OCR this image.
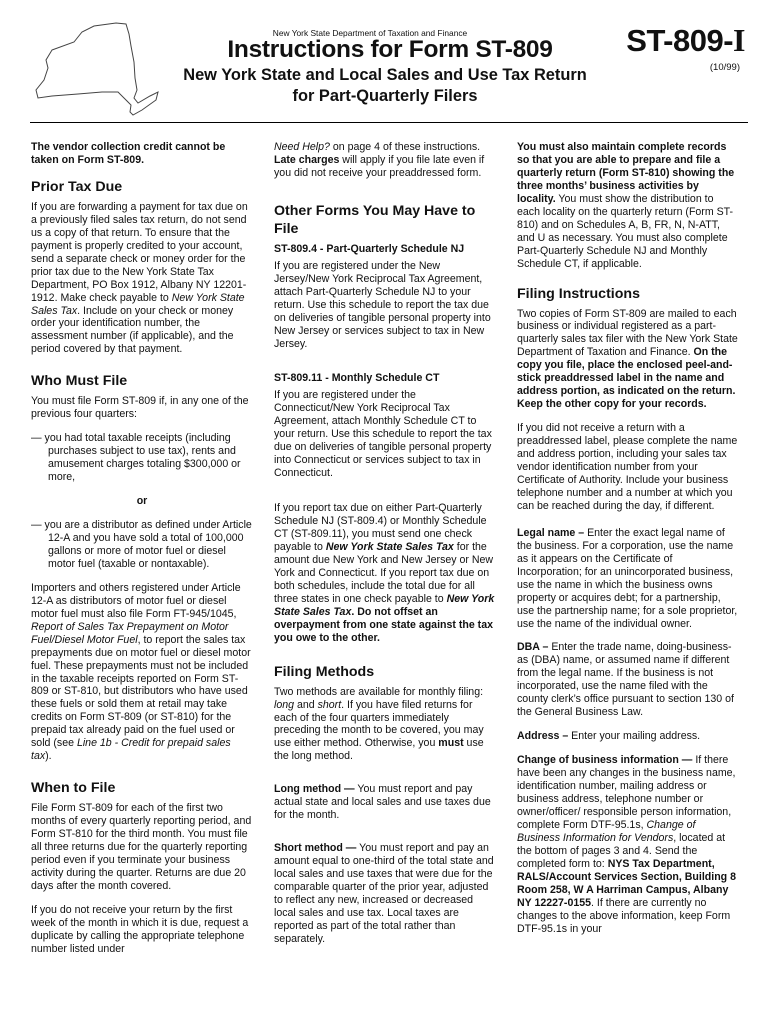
New York State Department of Taxation and Finance
Instructions for Form ST-809
New York State and Local Sales and Use Tax Return
for Part-Quarterly Filers
ST-809-I
(10/99)

The vendor collection credit cannot be taken on Form ST-809.

Prior Tax Due

If you are forwarding a payment for tax due on a previously filed sales tax return, do not send us a copy of that return. To ensure that the payment is properly credited to your account, send a separate check or money order for the prior tax due to the New York State Tax Department, PO Box 1912, Albany NY 12201-1912. Make check payable to New York State Sales Tax. Include on your check or money order your identification number, the assessment number (if applicable), and the period covered by that payment.

Who Must File

You must file Form ST-809 if, in any one of the previous four quarters:

— you had total taxable receipts (including purchases subject to use tax), rents and amusement charges totaling $300,000 or more,

or

— you are a distributor as defined under Article 12-A and you have sold a total of 100,000 gallons or more of motor fuel or diesel motor fuel (taxable or nontaxable).

Importers and others registered under Article 12-A as distributors of motor fuel or diesel motor fuel must also file Form FT-945/1045, Report of Sales Tax Prepayment on Motor Fuel/Diesel Motor Fuel, to report the sales tax prepayments due on motor fuel or diesel motor fuel. These prepayments must not be included in the taxable receipts reported on Form ST-809 or ST-810, but distributors who have used these fuels or sold them at retail may take credits on Form ST-809 (or ST-810) for the prepaid tax already paid on the fuel used or sold (see Line 1b - Credit for prepaid sales tax).

When to File

File Form ST-809 for each of the first two months of every quarterly reporting period, and Form ST-810 for the third month. You must file all three returns due for the quarterly reporting period even if you terminate your business activity during the quarter. Returns are due 20 days after the month covered.

If you do not receive your return by the first week of the month in which it is due, request a duplicate by calling the appropriate telephone number listed under

Need Help? on page 4 of these instructions. Late charges will apply if you file late even if you did not receive your preaddressed form.

Other Forms You May Have to File
ST-809.4 - Part-Quarterly Schedule NJ

If you are registered under the New Jersey/New York Reciprocal Tax Agreement, attach Part-Quarterly Schedule NJ to your return. Use this schedule to report the tax due on deliveries of tangible personal property into New Jersey or services subject to tax in New Jersey.

ST-809.11 - Monthly Schedule CT

If you are registered under the Connecticut/New York Reciprocal Tax Agreement, attach Monthly Schedule CT to your return. Use this schedule to report the tax due on deliveries of tangible personal property into Connecticut or services subject to tax in Connecticut.

If you report tax due on either Part-Quarterly Schedule NJ (ST-809.4) or Monthly Schedule CT (ST-809.11), you must send one check payable to New York State Sales Tax for the amount due New York and New Jersey or New York and Connecticut. If you report tax due on both schedules, include the total due for all three states in one check payable to New York State Sales Tax. Do not offset an overpayment from one state against the tax you owe to the other.

Filing Methods

Two methods are available for monthly filing: long and short. If you have filed returns for each of the four quarters immediately preceding the month to be covered, you may use either method. Otherwise, you must use the long method.

Long method — You must report and pay actual state and local sales and use taxes due for the month.

Short method — You must report and pay an amount equal to one-third of the total state and local sales and use taxes that were due for the comparable quarter of the prior year, adjusted to reflect any new, increased or decreased local sales and use tax. Local taxes are reported as part of the total rather than separately.

You must also maintain complete records so that you are able to prepare and file a quarterly return (Form ST-810) showing the three months’ business activities by locality. You must show the distribution to each locality on the quarterly return (Form ST-810) and on Schedules A, B, FR, N, N-ATT, and U as necessary. You must also complete Part-Quarterly Schedule NJ and Monthly Schedule CT, if applicable.

Filing Instructions

Two copies of Form ST-809 are mailed to each business or individual registered as a part-quarterly sales tax filer with the New York State Department of Taxation and Finance. On the copy you file, place the enclosed peel-and-stick preaddressed label in the name and address portion, as indicated on the return. Keep the other copy for your records.

If you did not receive a return with a preaddressed label, please complete the name and address portion, including your sales tax vendor identification number from your Certificate of Authority. Include your business telephone number and a number at which you can be reached during the day, if different.

Legal name – Enter the exact legal name of the business. For a corporation, use the name as it appears on the Certificate of Incorporation; for an unincorporated business, use the name in which the business owns property or acquires debt; for a partnership, use the partnership name; for a sole proprietor, use the name of the individual owner.

DBA – Enter the trade name, doing-business-as (DBA) name, or assumed name if different from the legal name. If the business is not incorporated, use the name filed with the county clerk’s office pursuant to section 130 of the General Business Law.

Address – Enter your mailing address.

Change of business information — If there have been any changes in the business name, identification number, mailing address or business address, telephone number or owner/officer/ responsible person information, complete Form DTF-95.1s, Change of Business Information for Vendors, located at the bottom of pages 3 and 4. Send the completed form to: NYS Tax Department, RALS/Account Services Section, Building 8 Room 258, W A Harriman Campus, Albany NY 12227-0155. If there are currently no changes to the above information, keep Form DTF-95.1s in your
